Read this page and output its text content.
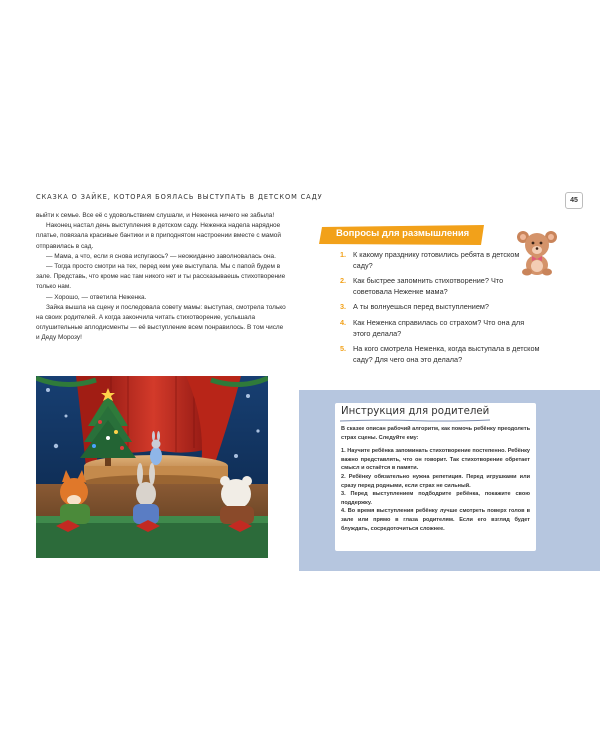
СКАЗКА О ЗАЙКЕ, КОТОРАЯ БОЯЛАСЬ ВЫСТУПАТЬ В ДЕТСКОМ САДУ	45

выйти к семье. Все её с удовольствием слушали, и Неженка ничего не забыла!

Наконец настал день выступления в детском саду. Неженка надела нарядное платье, повязала красивые бантики и в приподнятом настроении вместе с мамой отправилась в сад.

— Мама, а что, если я снова испугаюсь? — неожиданно заволновалась она.

— Тогда просто смотри на тех, перед кем уже выступала. Мы с папой будем в зале. Представь, что кроме нас там никого нет и ты рассказываешь стихотворение только нам.

— Хорошо, — ответила Неженка.

Зайка вышла на сцену и последовала совету мамы: выступая, смотрела только на своих родителей. А когда закончила читать стихотворение, услышала оглушительные аплодисменты — её выступление всем понравилось. В том числе и Деду Морозу!

Вопросы для размышления
1. К какому празднику готовились ребята в детском саду?
2. Как быстрее запомнить стихотворение? Что советовала Неженке мама?
3. А ты волнуешься перед выступлением?
4. Как Неженка справилась со страхом? Что она для этого делала?
5. На кого смотрела Неженка, когда выступала в детском саду? Для чего она это делала?
Инструкция для родителей

В сказке описан рабочий алгоритм, как помочь ребёнку преодолеть страх сцены. Следуйте ему:

1. Научите ребёнка запоминать стихотворение постепенно. Ребёнку важно представлять, что он говорит. Так стихотворение обретает смысл и остаётся в памяти.

2. Ребёнку обязательно нужна репетиция. Перед игрушками или сразу перед родными, если страх не сильный.

3. Перед выступлением подбодрите ребёнка, покажите свою поддержку.

4. Во время выступления ребёнку лучше смотреть поверх голов в зале или прямо в глаза родителям. Если его взгляд будет блуждать, сосредоточиться сложнее.
